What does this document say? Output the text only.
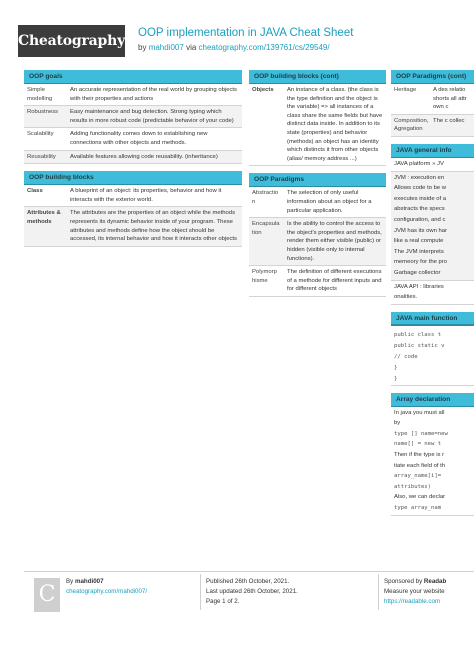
Cheatography OOP implementation in JAVA Cheat Sheet
by mahdi007 via cheatography.com/139761/cs/29549/
OOP goals
Simple modelling	An accurate representation of the real world by grouping objects with their properties and actions
Robustness	Easy maintenance and bug detection. Strong typing which results in more robust code (predictable behavior of your code)
Scalability	Adding functionality comes down to establishing new connections with other objects and methods.
Reusability	Available features allowing code reusability. (inheritance)
OOP building blocks
Class	A blueprint of an object: its properties, behavior and how it interacts with the exterior world.
Attributes & methods	The attributes are the properties of an object while the methods represents its dynamic behavior inside of your program. These attributes and methods define how the object should be accessed, its internal behavior and how it interacts other objects
OOP building blocks (cont)
Objects	An instance of a class. (the class is the type definition and the object is the variable) => all instances of a class share the same fields but have distinct data inside. In addition to its state (properties) and behavior (methods) an object has an identity which distincts it from other objects (alias/ memory address ...)
OOP Paradigms
Abstraction	The selection of only useful information about an object for a particular application.
Encapsulation	Is the ability to control the access to the object's properties and methods, render them either visible (public) or hidden (visible only to internal functions).
Polymorphisme	The definition of different executions of a methode for different inputs and for different objects
OOP Paradigms (cont)
Heritage	A des relatio shorts all attr own c
Composition, Agregation	The c collec
JAVA general info
JAVA platform » JV
JVM : execution en
Allows code to be w
executes inside of a
abstracts the specs
configuration, and c
JVM has its own har
like a real compute
The JVM interprets
memeory for the pro
Garbage collector
JAVA API : libraries
onalities.
JAVA main function
public class t
public static v
// code
}
}
Array declaration
In java you must all
by
type [] name=new
name[] = new t
Then if the type is r
tiate each field of th
array_name[i]=
attributes)
Also, we can declar
type array_nam
C
By mahdi007
cheatography.com/mahdi007/
Published 26th October, 2021.
Last updated 26th October, 2021.
Page 1 of 2.
Sponsored by Readab
Measure your website
https://readable.com
